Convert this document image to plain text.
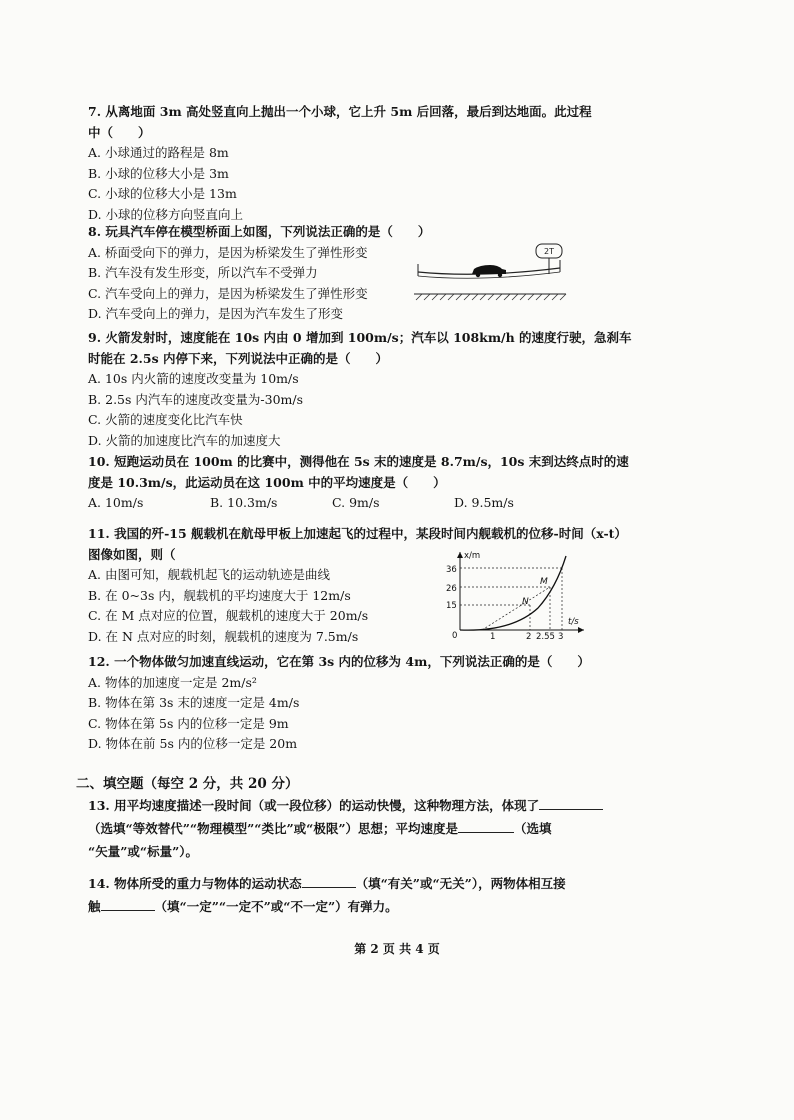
7. 从离地面 3m 高处竖直向上抛出一个小球，它上升 5m 后回落，最后到达地面。此过程
中（　　）
A. 小球通过的路程是 8m
B. 小球的位移大小是 3m
C. 小球的位移大小是 13m
D. 小球的位移方向竖直向上
8. 玩具汽车停在模型桥面上如图，下列说法正确的是（　　）
A. 桥面受向下的弹力，是因为桥梁发生了弹性形变
B. 汽车没有发生形变，所以汽车不受弹力
C. 汽车受向上的弹力，是因为桥梁发生了弹性形变
D. 汽车受向上的弹力，是因为汽车发生了形变
2T
9. 火箭发射时，速度能在 10s 内由 0 增加到 100m/s；汽车以 108km/h 的速度行驶，急刹车
时能在 2.5s 内停下来，下列说法中正确的是（　　）
A. 10s 内火箭的速度改变量为 10m/s
B. 2.5s 内汽车的速度改变量为-30m/s
C. 火箭的速度变化比汽车快
D. 火箭的加速度比汽车的加速度大
10. 短跑运动员在 100m 的比赛中，测得他在 5s 末的速度是 8.7m/s，10s 末到达终点时的速
度是 10.3m/s，此运动员在这 100m 中的平均速度是（　　）
A. 10m/s	B. 10.3m/s	C. 9m/s	D. 9.5m/s
11. 我国的歼-15 舰载机在航母甲板上加速起飞的过程中，某段时间内舰载机的位移-时间（x-t）
图像如图，则（
A. 由图可知，舰载机起飞的运动轨迹是曲线
B. 在 0~3s 内，舰载机的平均速度大于 12m/s
C. 在 M 点对应的位置，舰载机的速度大于 20m/s
D. 在 N 点对应的时刻，舰载机的速度为 7.5m/s
x/m
t/s
0
15
26
36
1	2 2.55 3
M
N
12. 一个物体做匀加速直线运动，它在第 3s 内的位移为 4m，下列说法正确的是（　　）
A. 物体的加速度一定是 2m/s²
B. 物体在第 3s 末的速度一定是 4m/s
C. 物体在第 5s 内的位移一定是 9m
D. 物体在前 5s 内的位移一定是 20m
二、填空题（每空 2 分，共 20 分）
13. 用平均速度描述一段时间（或一段位移）的运动快慢，这种物理方法，体现了
（选填“等效替代”“物理模型”“类比”或“极限”）思想；平均速度是	（选填
“矢量”或“标量”）。
14. 物体所受的重力与物体的运动状态	（填“有关”或“无关”），两物体相互接
触	（填“一定”“一定不”或“不一定”）有弹力。
第 2 页 共 4 页
